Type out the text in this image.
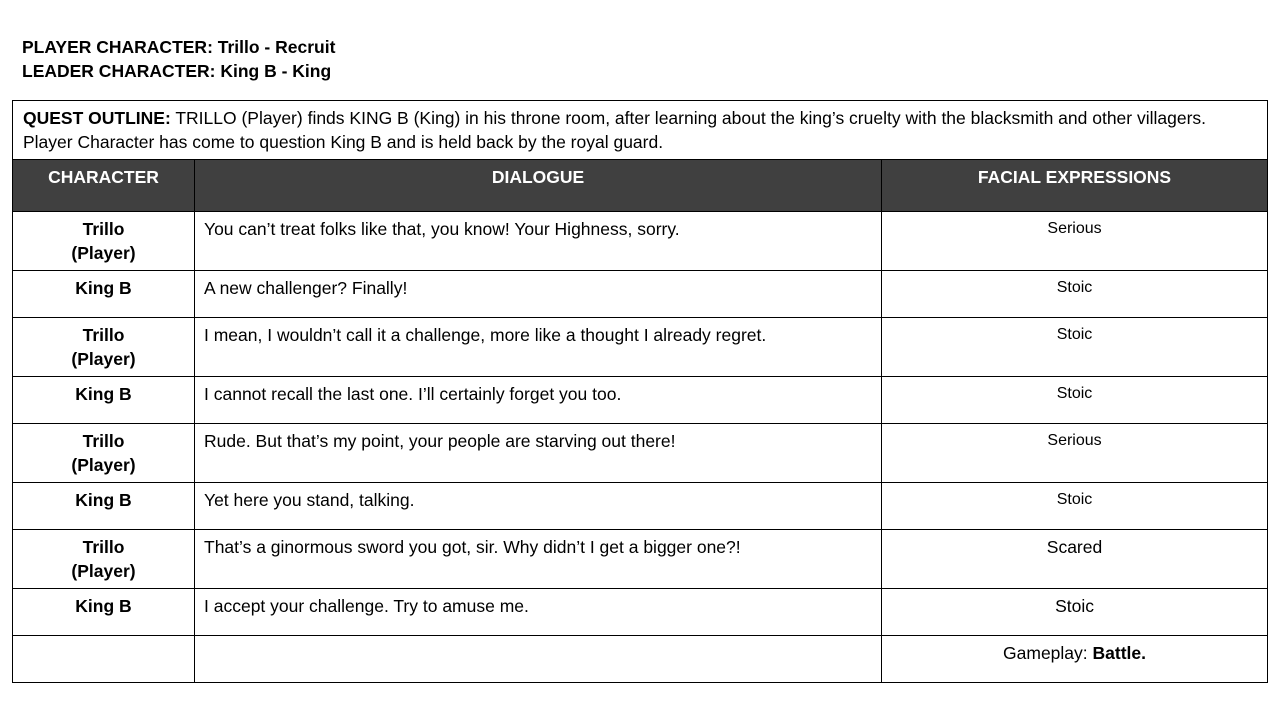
PLAYER CHARACTER: Trillo - Recruit
LEADER CHARACTER: King B - King
QUEST OUTLINE: TRILLO (Player) finds KING B (King) in his throne room, after learning about the king’s cruelty with the blacksmith and other villagers. Player Character has come to question King B and is held back by the royal guard.		
CHARACTER	DIALOGUE	FACIAL EXPRESSIONS

Trillo
(Player)	You can’t treat folks like that, you know! Your Highness, sorry.	Serious

King B	A new challenger? Finally!	Stoic

Trillo
(Player)	I mean, I wouldn’t call it a challenge, more like a thought I already regret.	Stoic

King B	I cannot recall the last one. I’ll certainly forget you too.	Stoic

Trillo
(Player)	Rude. But that’s my point, your people are starving out there!	Serious

King B	Yet here you stand, talking.	Stoic

Trillo
(Player)	That’s a ginormous sword you got, sir. Why didn’t I get a bigger one?!	Scared

King B	I accept your challenge. Try to amuse me.	Stoic
		Gameplay: Battle.
